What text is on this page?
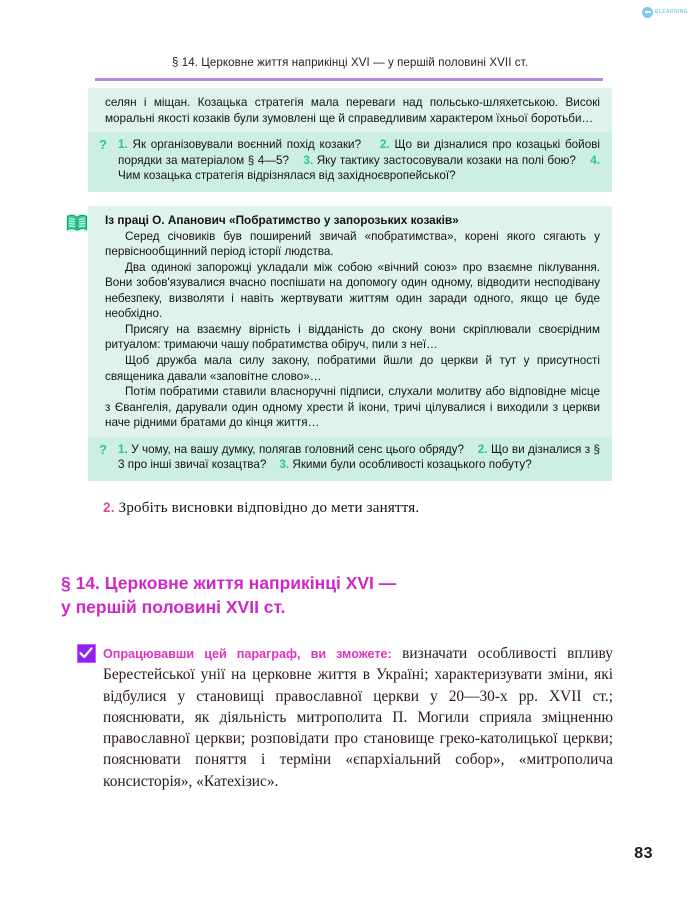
ELEARNING
§ 14. Церковне життя наприкінці XVI — у першій половині XVII ст.

селян і міщан. Козацька стратегія мала переваги над польсько-шляхетською. Високі моральні якості козаків були зумовлені ще й справедливим характером їхньої боротьби…

? 1. Як організовували воєнний похід козаки? 2. Що ви дізналися про козацькі бойові порядки за матеріалом § 4—5? 3. Яку тактику застосовували козаки на полі бою? 4. Чим козацька стратегія відрізнялася від західноєвропейської?

Із праці О. Апанович «Побратимство у запорозьких козаків»

Серед січовиків був поширений звичай «побратимства», корені якого сягають у первіснообщинний період історії людства.

Два одинокі запорожці укладали між собою «вічний союз» про взаємне піклування. Вони зобов'язувалися вчасно поспішати на допомогу один одному, відводити несподівану небезпеку, визволяти і навіть жертвувати життям один заради одного, якщо це буде необхідно.

Присягу на взаємну вірність і відданість до скону вони скріплювали своєрідним ритуалом: тримаючи чашу побратимства обіруч, пили з неї…

Щоб дружба мала силу закону, побратими йшли до церкви й тут у присутності священика давали «заповітне слово»…

Потім побратими ставили власноручні підписи, слухали молитву або відповідне місце з Євангелія, дарували один одному хрести й ікони, тричі цілувалися і виходили з церкви наче рідними братами до кінця життя…

? 1. У чому, на вашу думку, полягав головний сенс цього обряду? 2. Що ви дізналися з § 3 про інші звичаї козацтва? 3. Якими були особливості козацького побуту?
2. Зробіть висновки відповідно до мети заняття.
§ 14. Церковне життя наприкінці XVI —
у першій половині XVII ст.
Опрацювавши цей параграф, ви зможете: визначати особливості впливу Берестейської унії на церковне життя в Україні; характеризувати зміни, які відбулися у становищі православної церкви у 20—30-х рр. XVII ст.; пояснювати, як діяльність митрополита П. Могили сприяла зміцненню православної церкви; розповідати про становище греко-католицької церкви; пояснювати поняття і терміни «єпархіальний собор», «митрополича консисторія», «Катехізис».
83
